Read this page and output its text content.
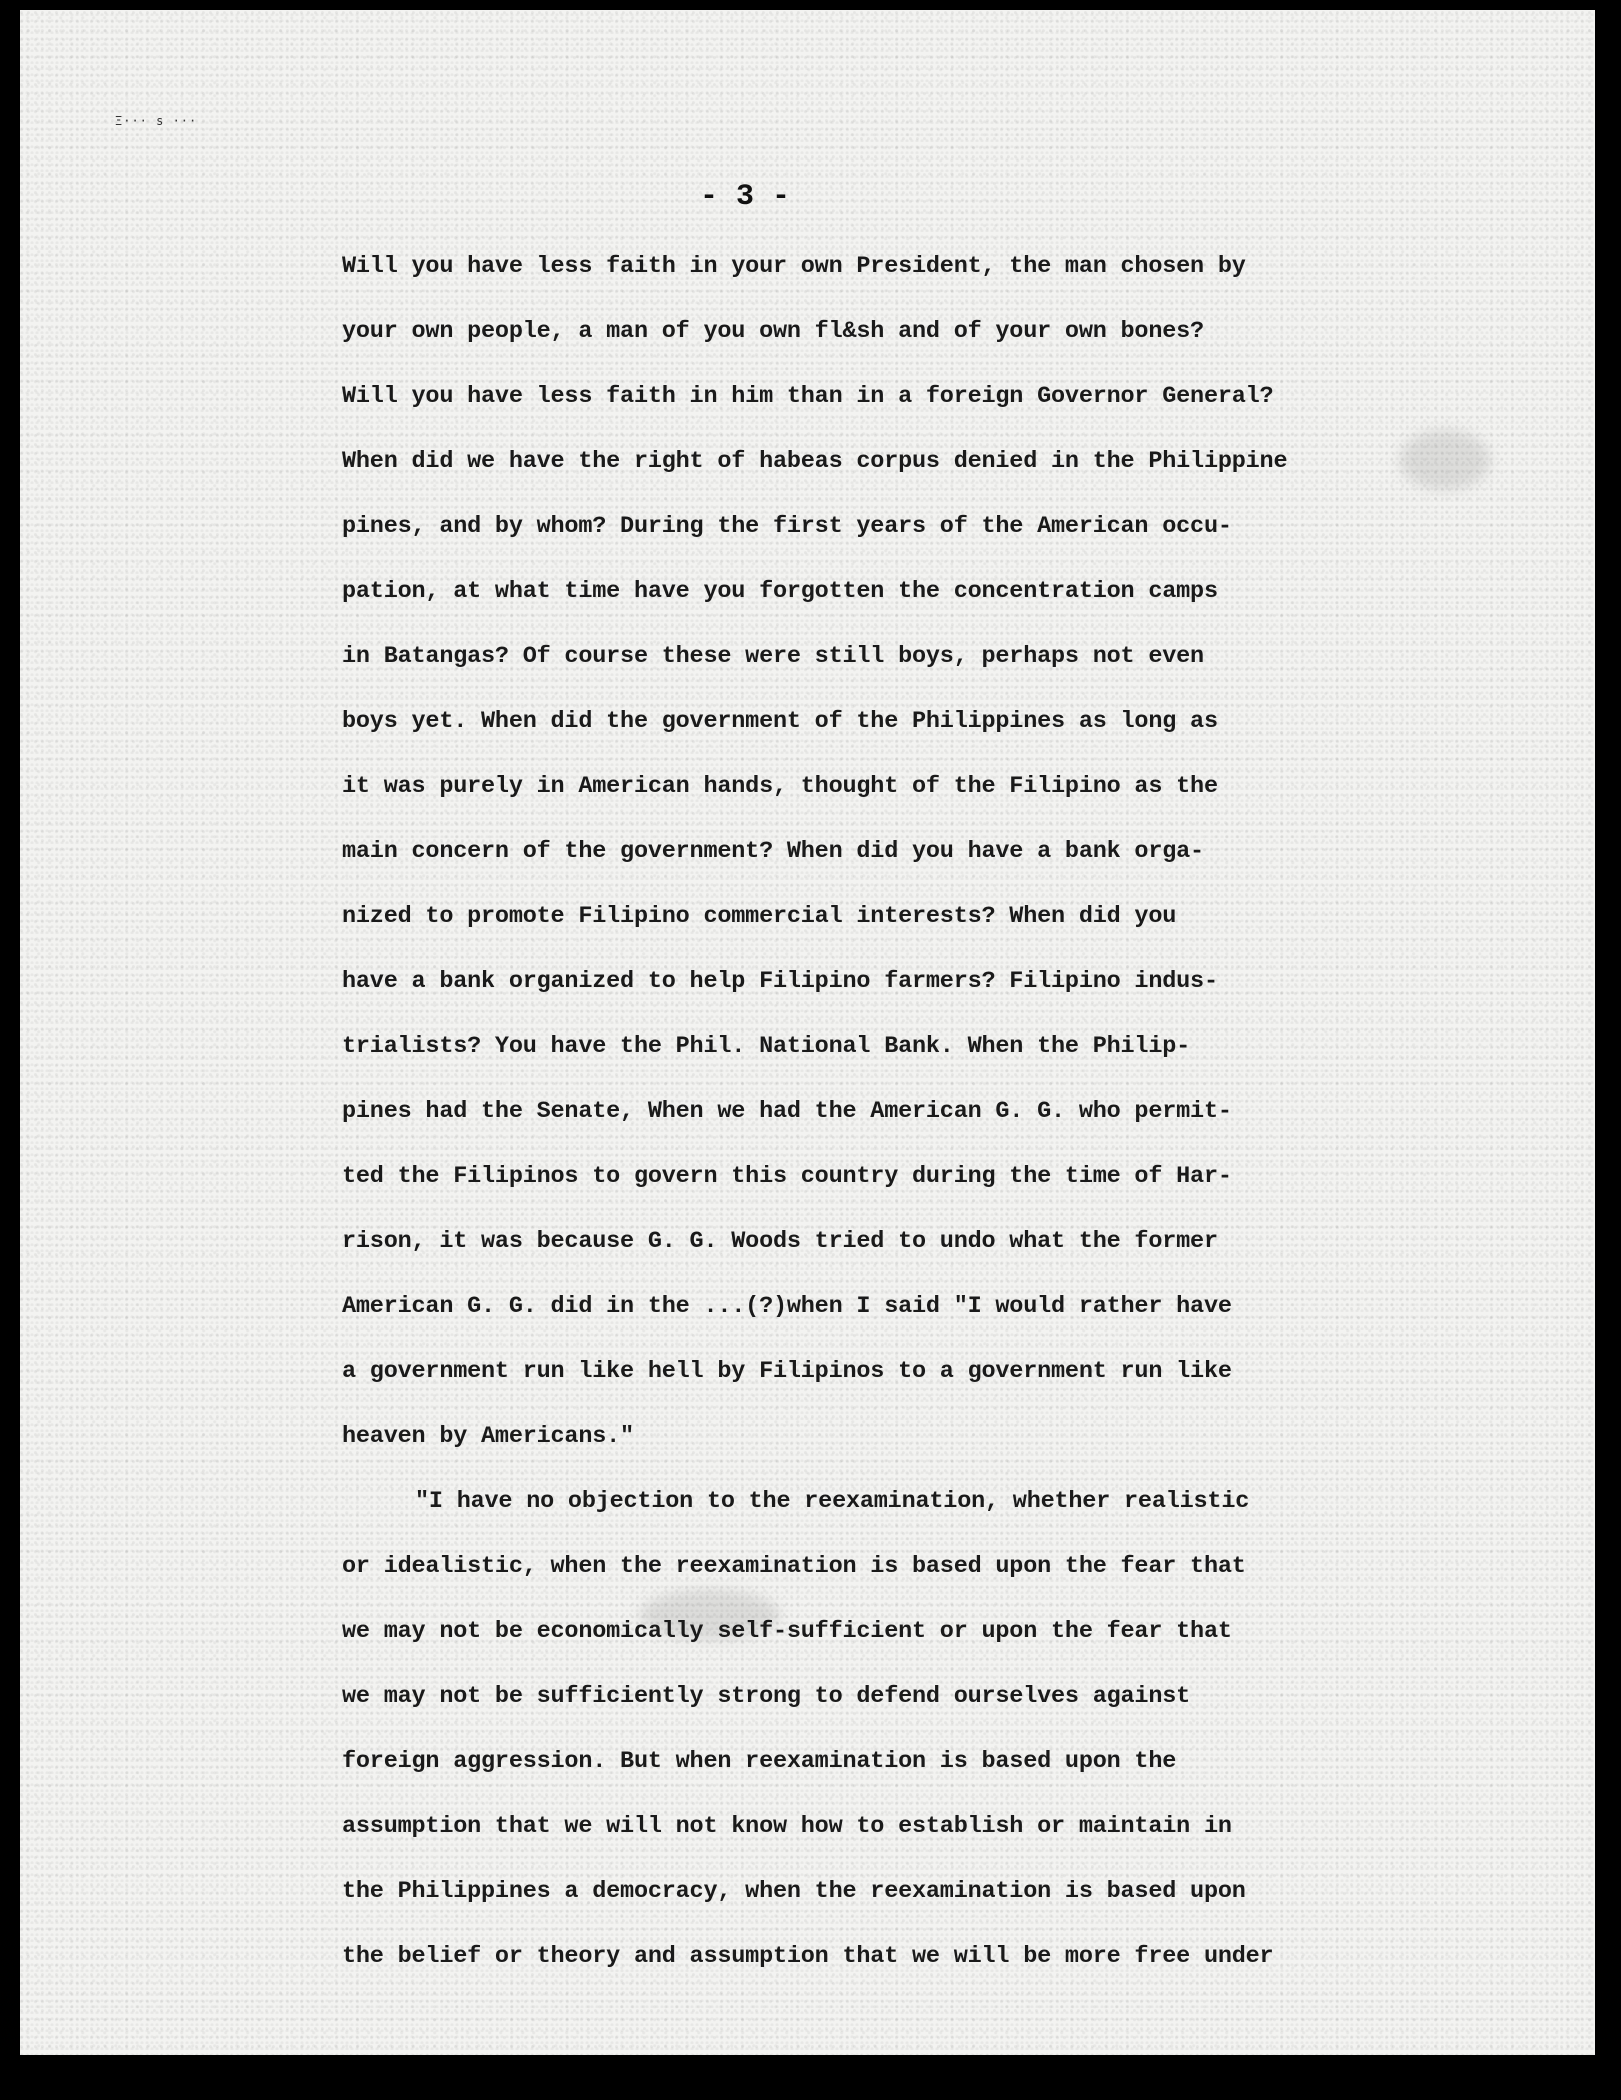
Ξ··· s ···
- 3 -
Will you have less faith in your own President, the man chosen by
your own people, a man of you own fl&sh and of your own bones?
Will you have less faith in him than in a foreign Governor General?
When did we have the right of habeas corpus denied in the Philippine
pines, and by whom? During the first years of the American occu-
pation, at what time have you forgotten the concentration camps
in Batangas? Of course these were still boys, perhaps not even
boys yet. When did the government of the Philippines as long as
it was purely in American hands, thought of the Filipino as the
main concern of the government? When did you have a bank orga-
nized to promote Filipino commercial interests? When did you
have a bank organized to help Filipino farmers? Filipino indus-
trialists? You have the Phil. National Bank. When the Philip-
pines had the Senate, When we had the American G. G. who permit-
ted the Filipinos to govern this country during the time of Har-
rison, it was because G. G. Woods tried to undo what the former
American G. G. did in the ...(?)when I said "I would rather have
a government run like hell by Filipinos to a government run like
heaven by Americans."
"I have no objection to the reexamination, whether realistic
or idealistic, when the reexamination is based upon the fear that
we may not be economically self-sufficient or upon the fear that
we may not be sufficiently strong to defend ourselves against
foreign aggression. But when reexamination is based upon the
assumption that we will not know how to establish or maintain in
the Philippines a democracy, when the reexamination is based upon
the belief or theory and assumption that we will be more free under
